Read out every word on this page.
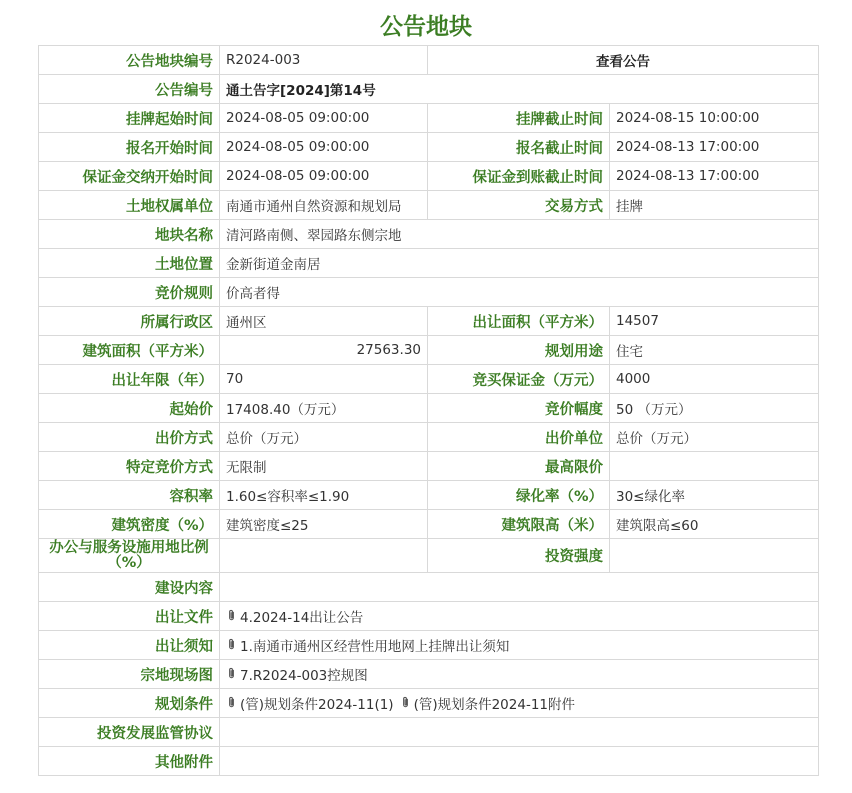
公告地块
公告地块编号	R2024-003	查看公告	
公告编号	通土告字[2024]第14号		
挂牌起始时间	2024-08-05 09:00:00	挂牌截止时间	2024-08-15 10:00:00
报名开始时间	2024-08-05 09:00:00	报名截止时间	2024-08-13 17:00:00
保证金交纳开始时间	2024-08-05 09:00:00	保证金到账截止时间	2024-08-13 17:00:00
土地权属单位	南通市通州自然资源和规划局	交易方式	挂牌
地块名称	清河路南侧、翠园路东侧宗地		
土地位置	金新街道金南居		
竞价规则	价高者得		
所属行政区	通州区	出让面积（平方米）	14507
建筑面积（平方米）	27563.30	规划用途	住宅
出让年限（年）	70	竞买保证金（万元）	4000
起始价	17408.40（万元）	竞价幅度	50 （万元）
出价方式	总价（万元）	出价单位	总价（万元）
特定竞价方式	无限制	最高限价	
容积率	1.60≤容积率≤1.90	绿化率（%）	30≤绿化率
建筑密度（%）	建筑密度≤25	建筑限高（米）	建筑限高≤60
办公与服务设施用地比例（%）		投资强度	
建设内容			
出让文件	4.2024-14出让公告		

出让须知	1.南通市通州区经营性用地网上挂牌出让须知		

宗地现场图	7.R2024-003控规图		

规划条件	(管)规划条件2024-11(1) (管)规划条件2024-11附件		

投资发展监管协议			
其他附件			
